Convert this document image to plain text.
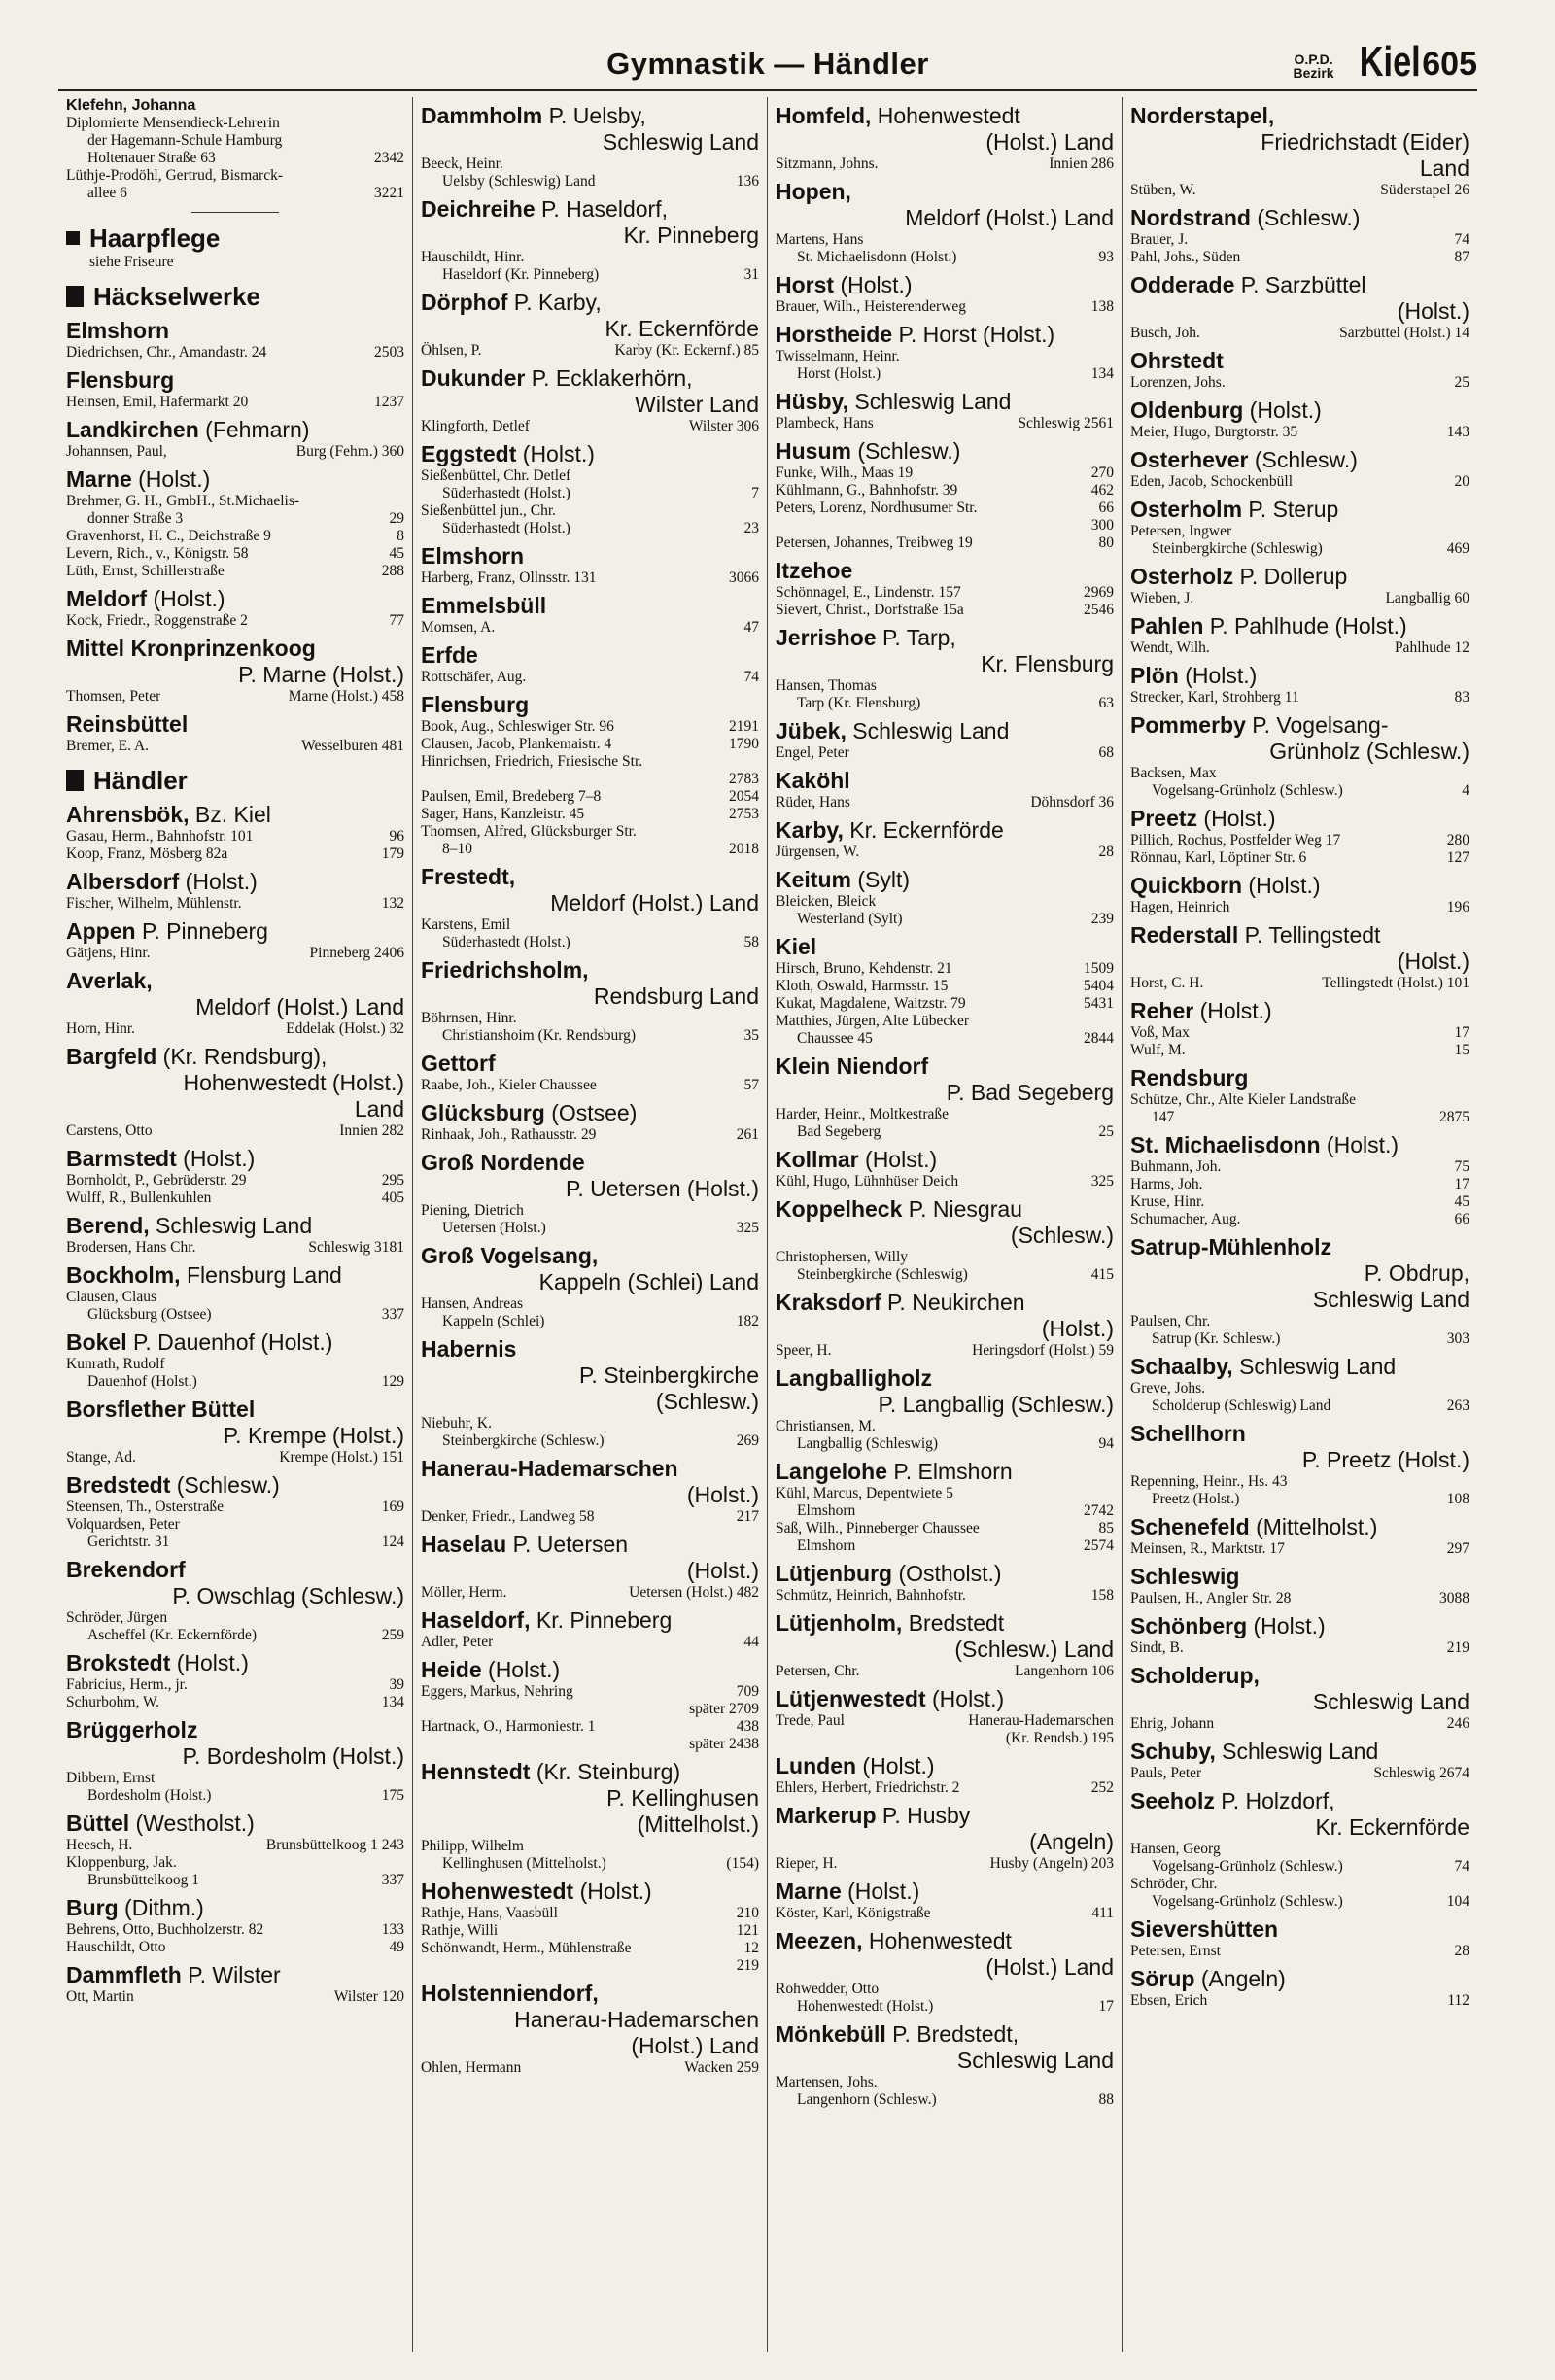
Gymnastik — Händler	O.P.D.
Bezirk Kiel 605
Klefehn, Johanna
Diplomierte Mensendieck-Lehrerin
der Hagemann-Schule Hamburg
Holtenauer Straße 63	2342
Lüthje-Prodöhl, Gertrud, Bismarck-
allee 6	3221
Haarpflege
siehe Friseure
Häckselwerke
Elmshorn
Diedrichsen, Chr., Amandastr. 24	2503
Flensburg
Heinsen, Emil, Hafermarkt 20	1237
Landkirchen (Fehmarn)
Johannsen, Paul,	Burg (Fehm.) 360
Marne (Holst.)
Brehmer, G. H., GmbH., St.Michaelis-
donner Straße 3	29
Gravenhorst, H. C., Deichstraße 9	8
Levern, Rich., v., Königstr. 58	45
Lüth, Ernst, Schillerstraße	288
Meldorf (Holst.)
Kock, Friedr., Roggenstraße 2	77
Mittel Kronprinzenkoog
P. Marne (Holst.)
Thomsen, Peter	Marne (Holst.) 458
Reinsbüttel
Bremer, E. A.	Wesselburen 481
Händler
Ahrensbök, Bz. Kiel
Gasau, Herm., Bahnhofstr. 101	96
Koop, Franz, Mösberg 82a	179
Albersdorf (Holst.)
Fischer, Wilhelm, Mühlenstr.	132
Appen P. Pinneberg
Gätjens, Hinr.	Pinneberg 2406
Averlak,
Meldorf (Holst.) Land
Horn, Hinr.	Eddelak (Holst.) 32
Bargfeld (Kr. Rendsburg),
Hohenwestedt (Holst.)
Land
Carstens, Otto	Innien 282
Barmstedt (Holst.)
Bornholdt, P., Gebrüderstr. 29	295
Wulff, R., Bullenkuhlen	405
Berend, Schleswig Land
Brodersen, Hans Chr.	Schleswig 3181
Bockholm, Flensburg Land
Clausen, Claus
Glücksburg (Ostsee)	337
Bokel P. Dauenhof (Holst.)
Kunrath, Rudolf
Dauenhof (Holst.)	129
Borsflether Büttel
P. Krempe (Holst.)
Stange, Ad.	Krempe (Holst.) 151
Bredstedt (Schlesw.)
Steensen, Th., Osterstraße	169
Volquardsen, Peter
Gerichtstr. 31	124
Brekendorf
P. Owschlag (Schlesw.)
Schröder, Jürgen
Ascheffel (Kr. Eckernförde)	259
Brokstedt (Holst.)
Fabricius, Herm., jr.	39
Schurbohm, W.	134
Brüggerholz
P. Bordesholm (Holst.)
Dibbern, Ernst
Bordesholm (Holst.)	175
Büttel (Westholst.)
Heesch, H.	Brunsbüttelkoog 1 243
Kloppenburg, Jak.
Brunsbüttelkoog 1	337
Burg (Dithm.)
Behrens, Otto, Buchholzerstr. 82	133
Hauschildt, Otto	49
Dammfleth P. Wilster
Ott, Martin	Wilster 120
Dammholm P. Uelsby,
Schleswig Land
Beeck, Heinr.
Uelsby (Schleswig) Land	136
Deichreihe P. Haseldorf,
Kr. Pinneberg
Hauschildt, Hinr.
Haseldorf (Kr. Pinneberg)	31
Dörphof P. Karby,
Kr. Eckernförde
Öhlsen, P.	Karby (Kr. Eckernf.) 85
Dukunder P. Ecklakerhörn,
Wilster Land
Klingforth, Detlef	Wilster 306
Eggstedt (Holst.)
Sießenbüttel, Chr. Detlef
Süderhastedt (Holst.)	7
Sießenbüttel jun., Chr.
Süderhastedt (Holst.)	23
Elmshorn
Harberg, Franz, Ollnsstr. 131	3066
Emmelsbüll
Momsen, A.	47
Erfde
Rottschäfer, Aug.	74
Flensburg
Book, Aug., Schleswiger Str. 96	2191
Clausen, Jacob, Plankemaistr. 4	1790
Hinrichsen, Friedrich, Friesische Str.
2783
Paulsen, Emil, Bredeberg 7–8	2054
Sager, Hans, Kanzleistr. 45	2753
Thomsen, Alfred, Glücksburger Str.
8–10	2018
Frestedt,
Meldorf (Holst.) Land
Karstens, Emil
Süderhastedt (Holst.)	58
Friedrichsholm,
Rendsburg Land
Böhrnsen, Hinr.
Christianshoim (Kr. Rendsburg)	35
Gettorf
Raabe, Joh., Kieler Chaussee	57
Glücksburg (Ostsee)
Rinhaak, Joh., Rathausstr. 29	261
Groß Nordende
P. Uetersen (Holst.)
Piening, Dietrich
Uetersen (Holst.)	325
Groß Vogelsang,
Kappeln (Schlei) Land
Hansen, Andreas
Kappeln (Schlei)	182
Habernis
P. Steinbergkirche
(Schlesw.)
Niebuhr, K.
Steinbergkirche (Schlesw.)	269
Hanerau-Hademarschen
(Holst.)
Denker, Friedr., Landweg 58	217
Haselau P. Uetersen
(Holst.)
Möller, Herm.	Uetersen (Holst.) 482
Haseldorf, Kr. Pinneberg
Adler, Peter	44
Heide (Holst.)
Eggers, Markus, Nehring	709
später 2709
Hartnack, O., Harmoniestr. 1	438
später 2438
Hennstedt (Kr. Steinburg)
P. Kellinghusen
(Mittelholst.)
Philipp, Wilhelm
Kellinghusen (Mittelholst.)	(154)
Hohenwestedt (Holst.)
Rathje, Hans, Vaasbüll	210
Rathje, Willi	121
Schönwandt, Herm., Mühlenstraße	12
219
Holstenniendorf,
Hanerau-Hademarschen
(Holst.) Land
Ohlen, Hermann	Wacken 259
Homfeld, Hohenwestedt
(Holst.) Land
Sitzmann, Johns.	Innien 286
Hopen,
Meldorf (Holst.) Land
Martens, Hans
St. Michaelisdonn (Holst.)	93
Horst (Holst.)
Brauer, Wilh., Heisterenderweg	138
Horstheide P. Horst (Holst.)
Twisselmann, Heinr.
Horst (Holst.)	134
Hüsby, Schleswig Land
Plambeck, Hans	Schleswig 2561
Husum (Schlesw.)
Funke, Wilh., Maas 19	270
Kühlmann, G., Bahnhofstr. 39	462
Peters, Lorenz, Nordhusumer Str.	66
300
Petersen, Johannes, Treibweg 19	80
Itzehoe
Schönnagel, E., Lindenstr. 157	2969
Sievert, Christ., Dorfstraße 15a	2546
Jerrishoe P. Tarp,
Kr. Flensburg
Hansen, Thomas
Tarp (Kr. Flensburg)	63
Jübek, Schleswig Land
Engel, Peter	68
Kaköhl
Rüder, Hans	Döhnsdorf 36
Karby, Kr. Eckernförde
Jürgensen, W.	28
Keitum (Sylt)
Bleicken, Bleick
Westerland (Sylt)	239
Kiel
Hirsch, Bruno, Kehdenstr. 21	1509
Kloth, Oswald, Harmsstr. 15	5404
Kukat, Magdalene, Waitzstr. 79	5431
Matthies, Jürgen, Alte Lübecker
Chaussee 45	2844
Klein Niendorf
P. Bad Segeberg
Harder, Heinr., Moltkestraße
Bad Segeberg	25
Kollmar (Holst.)
Kühl, Hugo, Lühnhüser Deich	325
Koppelheck P. Niesgrau
(Schlesw.)
Christophersen, Willy
Steinbergkirche (Schleswig)	415
Kraksdorf P. Neukirchen
(Holst.)
Speer, H.	Heringsdorf (Holst.) 59
Langballigholz
P. Langballig (Schlesw.)
Christiansen, M.
Langballig (Schleswig)	94
Langelohe P. Elmshorn
Kühl, Marcus, Depentwiete 5
Elmshorn	2742
Saß, Wilh., Pinneberger Chaussee	85
Elmshorn	2574
Lütjenburg (Ostholst.)
Schmütz, Heinrich, Bahnhofstr.	158
Lütjenholm, Bredstedt
(Schlesw.) Land
Petersen, Chr.	Langenhorn 106
Lütjenwestedt (Holst.)
Trede, Paul	Hanerau-Hademarschen
(Kr. Rendsb.) 195
Lunden (Holst.)
Ehlers, Herbert, Friedrichstr. 2	252
Markerup P. Husby
(Angeln)
Rieper, H.	Husby (Angeln) 203
Marne (Holst.)
Köster, Karl, Königstraße	411
Meezen, Hohenwestedt
(Holst.) Land
Rohwedder, Otto
Hohenwestedt (Holst.)	17
Mönkebüll P. Bredstedt,
Schleswig Land
Martensen, Johs.
Langenhorn (Schlesw.)	88
Norderstapel,
Friedrichstadt (Eider)
Land
Stüben, W.	Süderstapel 26
Nordstrand (Schlesw.)
Brauer, J.	74
Pahl, Johs., Süden	87
Odderade P. Sarzbüttel
(Holst.)
Busch, Joh.	Sarzbüttel (Holst.) 14
Ohrstedt
Lorenzen, Johs.	25
Oldenburg (Holst.)
Meier, Hugo, Burgtorstr. 35	143
Osterhever (Schlesw.)
Eden, Jacob, Schockenbüll	20
Osterholm P. Sterup
Petersen, Ingwer
Steinbergkirche (Schleswig)	469
Osterholz P. Dollerup
Wieben, J.	Langballig 60
Pahlen P. Pahlhude (Holst.)
Wendt, Wilh.	Pahlhude 12
Plön (Holst.)
Strecker, Karl, Strohberg 11	83
Pommerby P. Vogelsang-
Grünholz (Schlesw.)
Backsen, Max
Vogelsang-Grünholz (Schlesw.)	4
Preetz (Holst.)
Pillich, Rochus, Postfelder Weg 17	280
Rönnau, Karl, Löptiner Str. 6	127
Quickborn (Holst.)
Hagen, Heinrich	196
Rederstall P. Tellingstedt
(Holst.)
Horst, C. H.	Tellingstedt (Holst.) 101
Reher (Holst.)
Voß, Max	17
Wulf, M.	15
Rendsburg
Schütze, Chr., Alte Kieler Landstraße
147	2875
St. Michaelisdonn (Holst.)
Buhmann, Joh.	75
Harms, Joh.	17
Kruse, Hinr.	45
Schumacher, Aug.	66
Satrup-Mühlenholz
P. Obdrup,
Schleswig Land
Paulsen, Chr.
Satrup (Kr. Schlesw.)	303
Schaalby, Schleswig Land
Greve, Johs.
Scholderup (Schleswig) Land	263
Schellhorn
P. Preetz (Holst.)
Repenning, Heinr., Hs. 43
Preetz (Holst.)	108
Schenefeld (Mittelholst.)
Meinsen, R., Marktstr. 17	297
Schleswig
Paulsen, H., Angler Str. 28	3088
Schönberg (Holst.)
Sindt, B.	219
Scholderup,
Schleswig Land
Ehrig, Johann	246
Schuby, Schleswig Land
Pauls, Peter	Schleswig 2674
Seeholz P. Holzdorf,
Kr. Eckernförde
Hansen, Georg
Vogelsang-Grünholz (Schlesw.)	74
Schröder, Chr.
Vogelsang-Grünholz (Schlesw.)	104
Sievershütten
Petersen, Ernst	28
Sörup (Angeln)
Ebsen, Erich	112
